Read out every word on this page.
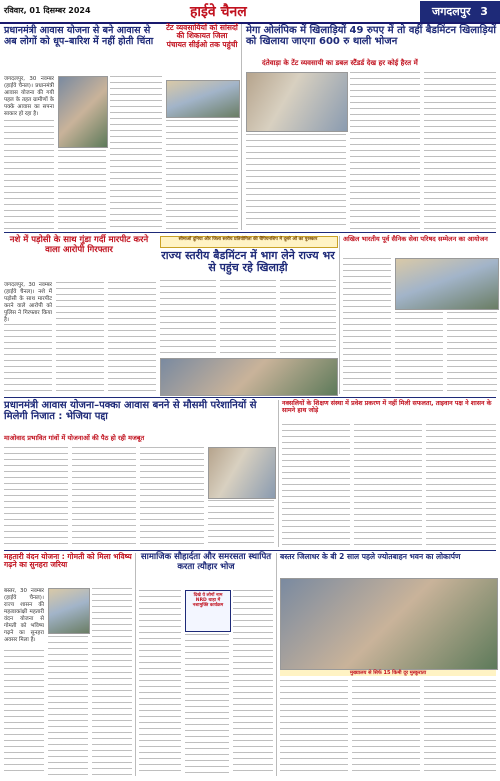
रविवार, 01 दिसम्बर 2024	हाईवे चैनल	जगदलपुर 3
प्रधानमंत्री आवास योजना से बने आवास से अब लोगों को धूप–बारिश में नहीं होती चिंता
जगदलपुर, 30 नवम्बर (हाईवे चैनल)। प्रधानमंत्री आवास योजना की गयी पहल के तहत ग्रामीणों के पक्के आवास का सपना साकार हो रहा है।
टेंट व्यवसायियों को सांसदों की शिकायत जिला पंचायत सीईओ तक पहुंची
मेगा ओलंपिक में खिलाड़ियों 49 रुपए में तो वहीं बैडमिंटन खिलाड़ियों को खिलाया जाएगा 600 रु थाली भोजन
दंतेवाड़ा के टेंट व्यवसायी का डबल स्टैंडर्ड देख हर कोई हैरत में
नशे में पड़ोसी के साथ गुंडा गर्दी मारपीट करने वाला आरोपी गिरफ्तार
जगदलपुर, 30 नवम्बर (हाईवे चैनल)। नशे में पड़ोसी के साथ मारपीट करने वाले आरोपी को पुलिस ने गिरफ्तार किया है।
सीमाओं दुनिया और जिला स्तरीय प्रतियोगिता की चैंपियनशिप में दूसरे ओं का पुरस्कार
राज्य स्तरीय बैडमिंटन में भाग लेने राज्य भर से पहुंच रहे खिलाड़ी
अखिल भारतीय पूर्व सैनिक सेवा परिषद सम्मेलन का आयोजन
प्रधानमंत्री आवास योजना–पक्का आवास बनने से मौसमी परेशानियों से मिलेगी निजात : भेजिया पद्दा
माओवाद प्रभावित गांवों में योजनाओं की पैठ हो रही मजबूत
नक्सलियों के शिक्षण संस्था में प्रवेश प्रकरण में नहीं मिली सफलता, ताइवान पक्ष ने शासन के सामने हाथ जोड़े
महतारी वंदन योजना : गोमती को मिला भविष्य गढ़ने का सुनहरा जरिया
बस्तर, 30 नवम्बर (हाईवे चैनल)। राज्य शासन की महत्वाकांक्षी महतारी वंदन योजना से गोमती को भविष्य गढ़ने का सुनहरा अवसर मिला है।
सामाजिक सौहार्दता और समरसता स्थापित करता त्यौहार भोज
दिखे ये लोगों नाम NRD थाहा में नशामुक्ति कार्यक्रम
बस्तर जिलाधर के बी 2 साल पहले ज्योतबाहन भवन का लोकार्पण
मुख्यालय से सिर्फ 15 किमी दूर मुस्कुराता
